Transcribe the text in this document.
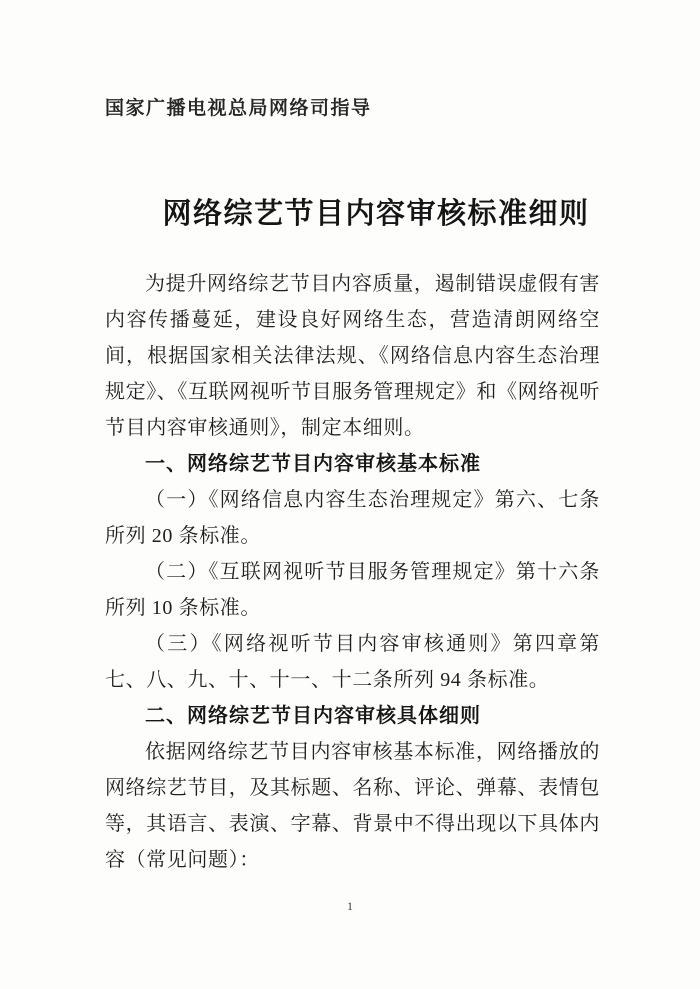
国家广播电视总局网络司指导
网络综艺节目内容审核标准细则

为提升网络综艺节目内容质量，遏制错误虚假有害内容传播蔓延，建设良好网络生态，营造清朗网络空间，根据国家相关法律法规、《网络信息内容生态治理规定》、《互联网视听节目服务管理规定》和《网络视听节目内容审核通则》，制定本细则。

一、网络综艺节目内容审核基本标准

（一）《网络信息内容生态治理规定》第六、七条所列 20 条标准。

（二）《互联网视听节目服务管理规定》第十六条所列 10 条标准。

（三）《网络视听节目内容审核通则》第四章第七、八、九、十、十一、十二条所列 94 条标准。

二、网络综艺节目内容审核具体细则

依据网络综艺节目内容审核基本标准，网络播放的网络综艺节目，及其标题、名称、评论、弹幕、表情包等，其语言、表演、字幕、背景中不得出现以下具体内容（常见问题）：

1
